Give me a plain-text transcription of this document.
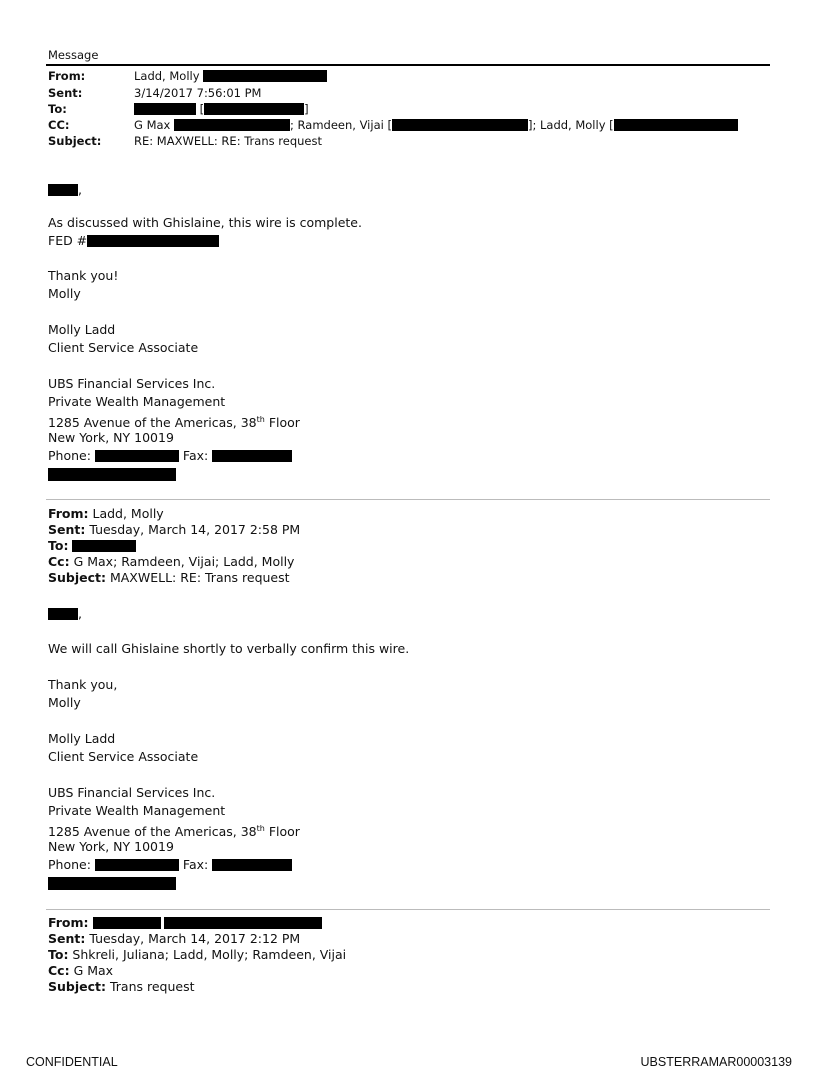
Message
From:	Ladd, Molly
Sent:	3/14/2017 7:56:01 PM
To:	[	]
CC:	G Max	; Ramdeen, Vijai [	]; Ladd, Molly [
Subject:	RE: MAXWELL: RE: Trans request
,
As discussed with Ghislaine, this wire is complete.
FED #
Thank you!
Molly
Molly Ladd
Client Service Associate
UBS Financial Services Inc.
Private Wealth Management
1285 Avenue of the Americas, 38th Floor
New York, NY 10019
Phone:	Fax:
From: Ladd, Molly
Sent: Tuesday, March 14, 2017 2:58 PM
To:
Cc: G Max; Ramdeen, Vijai; Ladd, Molly
Subject: MAXWELL: RE: Trans request
,
We will call Ghislaine shortly to verbally confirm this wire.
Thank you,
Molly
Molly Ladd
Client Service Associate
UBS Financial Services Inc.
Private Wealth Management
1285 Avenue of the Americas, 38th Floor
New York, NY 10019
Phone:	Fax:
From:
Sent: Tuesday, March 14, 2017 2:12 PM
To: Shkreli, Juliana; Ladd, Molly; Ramdeen, Vijai
Cc: G Max
Subject: Trans request
CONFIDENTIAL	UBSTERRAMAR00003139
